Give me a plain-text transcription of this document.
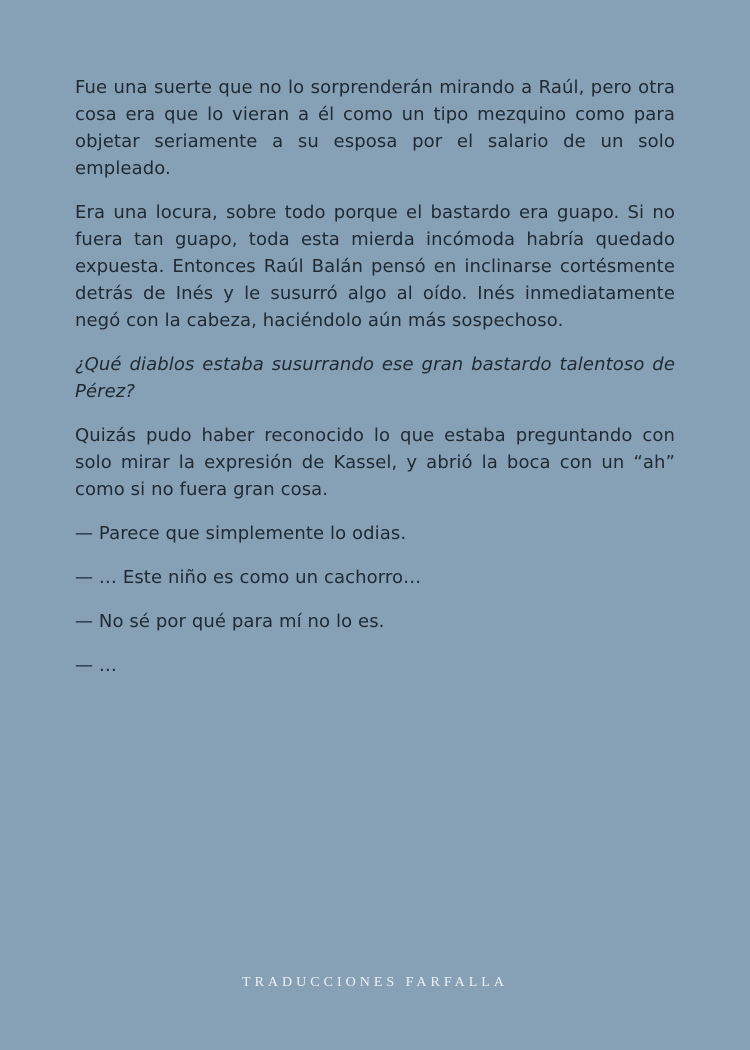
Fue una suerte que no lo sorprenderán mirando a Raúl, pero otra cosa era que lo vieran a él como un tipo mezquino como para objetar seriamente a su esposa por el salario de un solo empleado.

Era una locura, sobre todo porque el bastardo era guapo. Si no fuera tan guapo, toda esta mierda incómoda habría quedado expuesta. Entonces Raúl Balán pensó en inclinarse cortésmente detrás de Inés y le susurró algo al oído. Inés inmediatamente negó con la cabeza, haciéndolo aún más sospechoso.

¿Qué diablos estaba susurrando ese gran bastardo talentoso de Pérez?

Quizás pudo haber reconocido lo que estaba preguntando con solo mirar la expresión de Kassel, y abrió la boca con un “ah” como si no fuera gran cosa.

— Parece que simplemente lo odias.

— … Este niño es como un cachorro…

— No sé por qué para mí no lo es.

— …

TRADUCCIONES FARFALLA
